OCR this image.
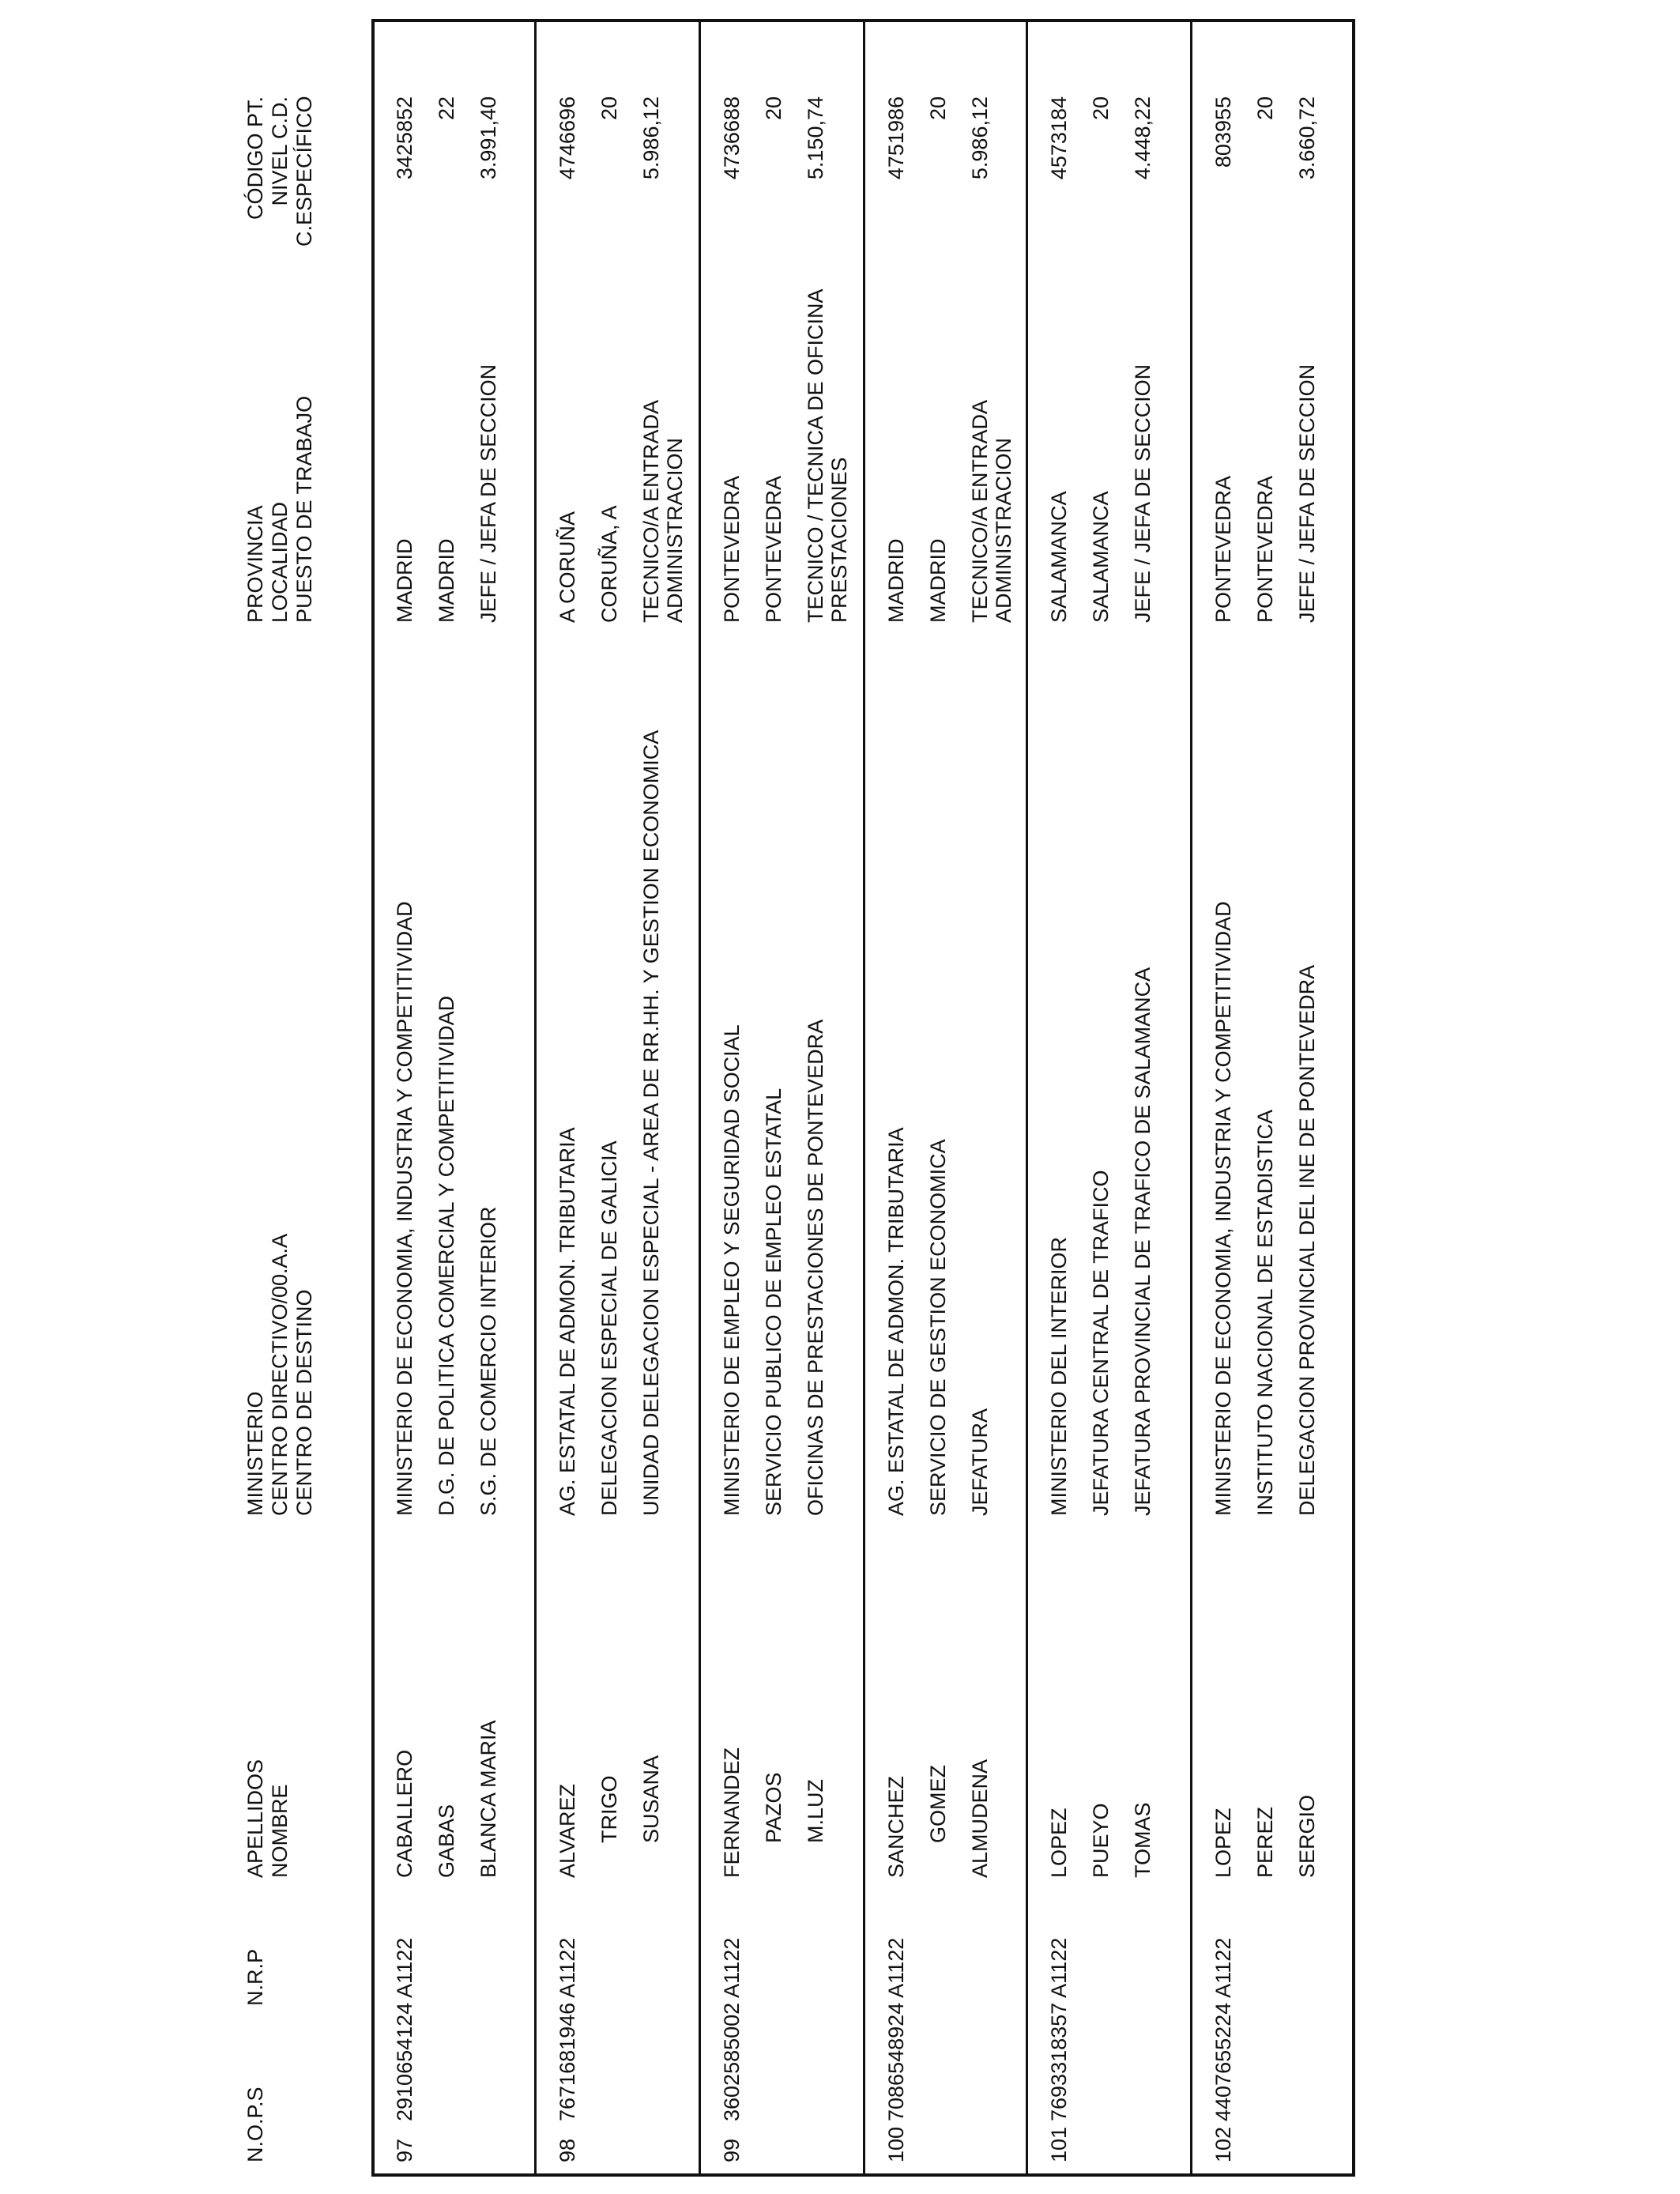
N.O.P.S
N.R.P
APELLIDOS NOMBRE
MINISTERIO CENTRO DIRECTIVO/00.A.A CENTRO DE DESTINO
PROVINCIA LOCALIDAD PUESTO DE TRABAJO
CÓDIGO PT. NIVEL C.D. C.ESPECÍFICO
97
2910654124 A1122
CABALLERO GABAS BLANCA MARIA
MINISTERIO DE ECONOMIA, INDUSTRIA Y COMPETITIVIDAD D.G. DE POLITICA COMERCIAL Y COMPETITIVIDAD S.G. DE COMERCIO INTERIOR
MADRID MADRID JEFE / JEFA DE SECCION
3425852 22 3.991,40
98
7671681946 A1122
ALVAREZ TRIGO SUSANA
AG. ESTATAL DE ADMON. TRIBUTARIA DELEGACION ESPECIAL DE GALICIA UNIDAD DELEGACION ESPECIAL - AREA DE RR.HH. Y GESTION ECONOMICA
A CORUÑA CORUÑA, A TECNICO/A ENTRADA ADMINISTRACION
4746696 20 5.986,12
99
3602585002 A1122
FERNANDEZ PAZOS M.LUZ
MINISTERIO DE EMPLEO Y SEGURIDAD SOCIAL SERVICIO PUBLICO DE EMPLEO ESTATAL OFICINAS DE PRESTACIONES DE PONTEVEDRA
PONTEVEDRA PONTEVEDRA TECNICO / TECNICA DE OFICINA PRESTACIONES
4736688 20 5.150,74
100
7086548924 A1122
SANCHEZ GOMEZ ALMUDENA
AG. ESTATAL DE ADMON. TRIBUTARIA SERVICIO DE GESTION ECONOMICA JEFATURA
MADRID MADRID TECNICO/A ENTRADA ADMINISTRACION
4751986 20 5.986,12
101
7693318357 A1122
LOPEZ PUEYO TOMAS
MINISTERIO DEL INTERIOR JEFATURA CENTRAL DE TRAFICO JEFATURA PROVINCIAL DE TRAFICO DE SALAMANCA
SALAMANCA SALAMANCA JEFE / JEFA DE SECCION
4573184 20 4.448,22
102
4407655224 A1122
LOPEZ PEREZ SERGIO
MINISTERIO DE ECONOMIA, INDUSTRIA Y COMPETITIVIDAD INSTITUTO NACIONAL DE ESTADISTICA DELEGACION PROVINCIAL DEL INE DE PONTEVEDRA
PONTEVEDRA PONTEVEDRA JEFE / JEFA DE SECCION
803955 20 3.660,72
